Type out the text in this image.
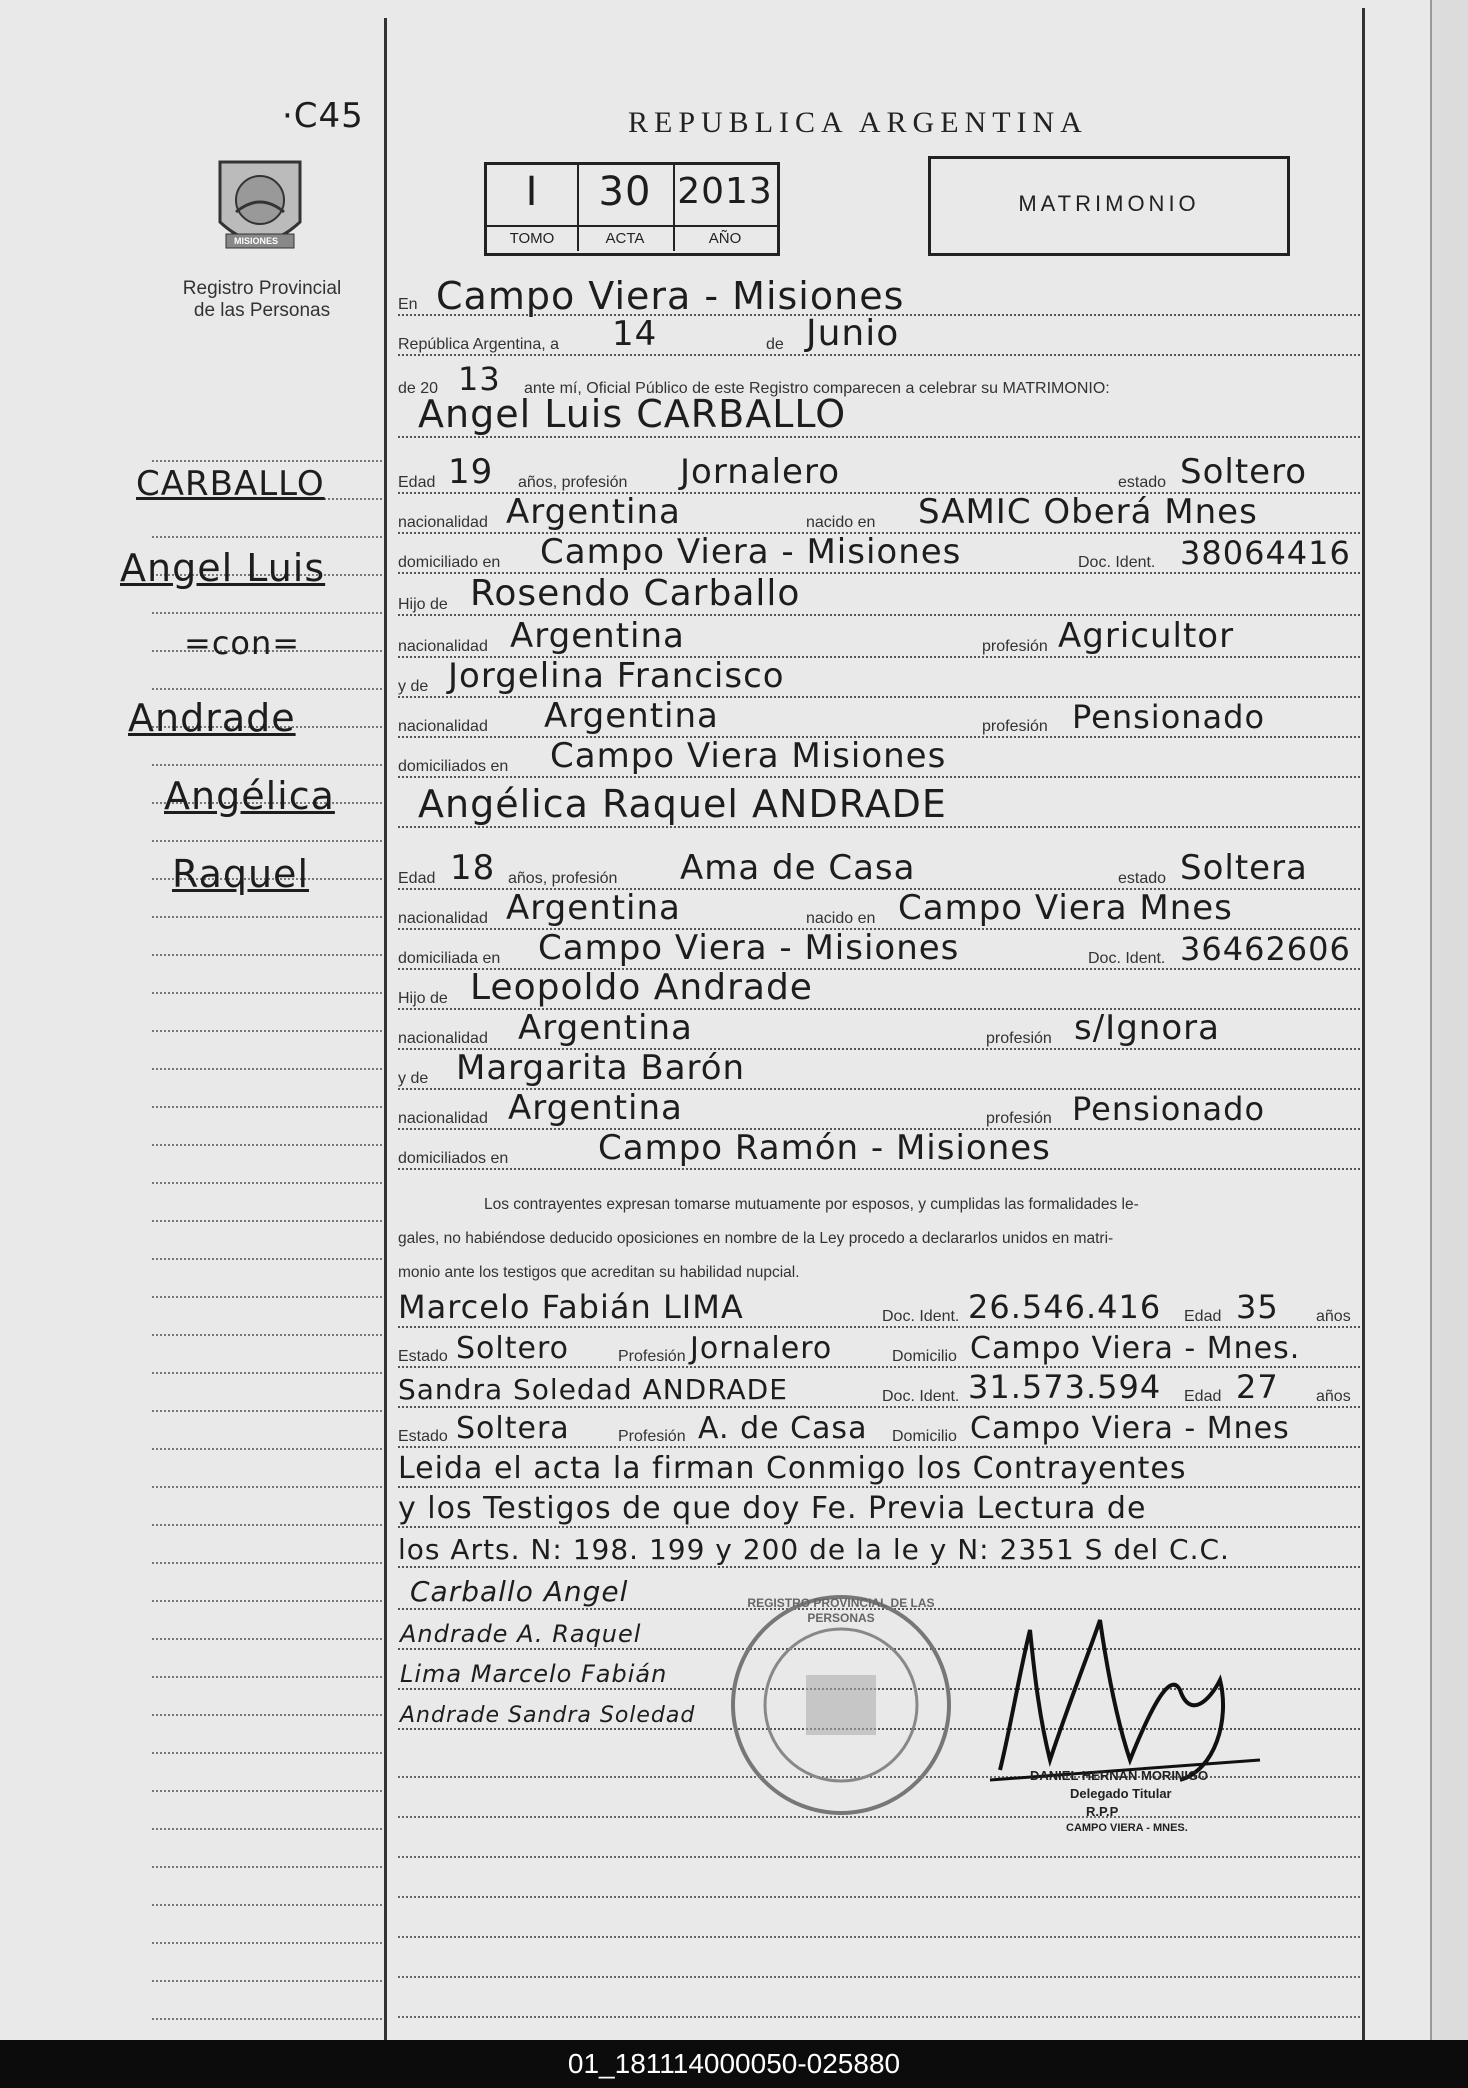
·C45
MISIONES
Registro Provincial
de las Personas
REPUBLICA ARGENTINA
I
TOMO
30
ACTA
2013
AÑO
MATRIMONIO
CARBALLO
Angel Luis
=con=
Andrade
Angélica
Raquel
En Campo Viera - Misiones
República Argentina, a 14	de Junio
de 20 13 ante mí, Oficial Público de este Registro comparecen a celebrar su MATRIMONIO:
Angel Luis CARBALLO
Edad 19 años, profesión Jornalero	estado Soltero
nacionalidad Argentina	nacido en SAMIC Oberá Mnes
domiciliado en Campo Viera - Misiones	Doc. Ident. 38064416
Hijo de Rosendo Carballo
nacionalidad Argentina	profesión Agricultor
y de Jorgelina Francisco
nacionalidad Argentina	profesión Pensionado
domiciliados en Campo Viera Misiones
Angélica Raquel ANDRADE
Edad 18 años, profesión Ama de Casa	estado Soltera
nacionalidad Argentina	nacido en Campo Viera Mnes
domiciliada en Campo Viera - Misiones	Doc. Ident. 36462606
Hijo de Leopoldo Andrade
nacionalidad Argentina	profesión s/Ignora
y de Margarita Barón
nacionalidad Argentina	profesión Pensionado
domiciliados en	Campo Ramón - Misiones
Los contrayentes expresan tomarse mutuamente por esposos, y cumplidas las formalidades le-
gales, no habiéndose deducido oposiciones en nombre de la Ley procedo a declararlos unidos en matri-
monio ante los testigos que acreditan su habilidad nupcial.
Marcelo Fabián LIMA	Doc. Ident. 26.546.416 Edad 35 años
Estado Soltero	Profesión Jornalero	Domicilio Campo Viera - Mnes.
Sandra Soledad ANDRADE	Doc. Ident. 31.573.594 Edad 27 años
Estado Soltera	Profesión A. de Casa Domicilio Campo Viera - Mnes
Leida el acta la firman Conmigo los Contrayentes
y los Testigos de que doy Fe. Previa Lectura de
los Arts. N: 198. 199 y 200 de la le y N: 2351 S del C.C.
Carballo Angel
Andrade A. Raquel
Lima Marcelo Fabián
Andrade Sandra Soledad
REGISTRO PROVINCIAL DE LAS PERSONAS
DANIEL HERNAN MORINIGO
Delegado Titular
R.P.P
CAMPO VIERA - MNES.
01_181114000050-025880
